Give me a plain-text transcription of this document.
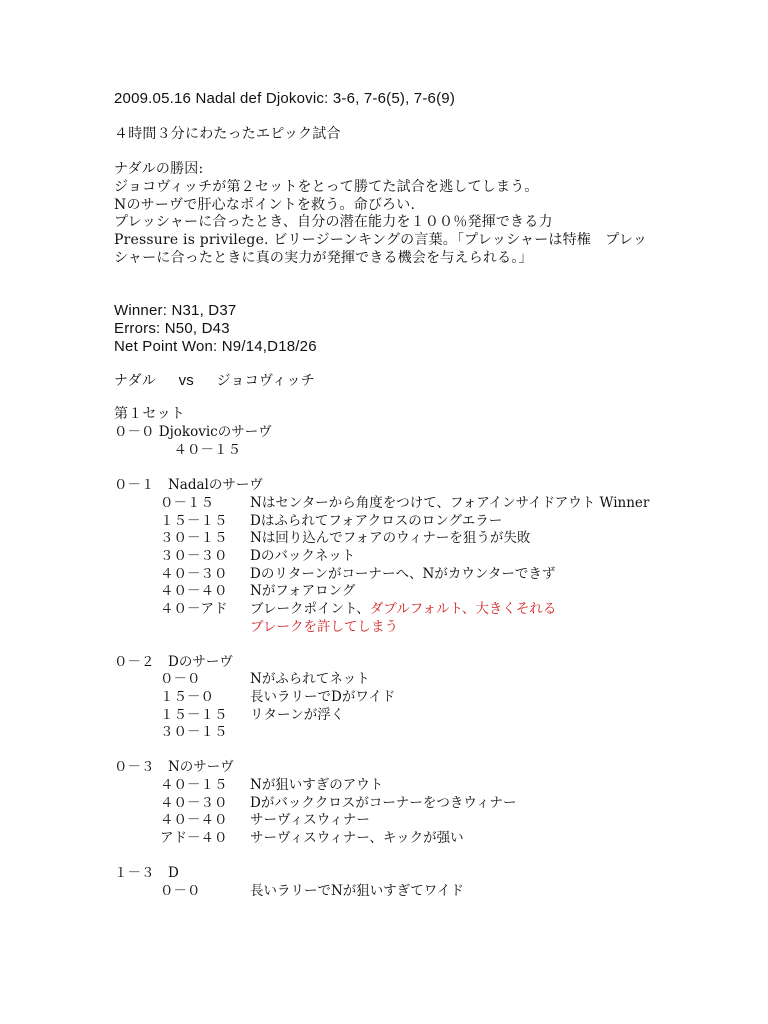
2009.05.16 Nadal def Djokovic: 3-6, 7-6(5), 7-6(9)
４時間３分にわたったエピック試合
ナダルの勝因:
ジョコヴィッチが第２セットをとって勝てた試合を逃してしまう。
Nのサーヴで肝心なポイントを救う。命びろい.
プレッシャーに合ったとき、自分の潜在能力を１００％発揮できる力
Pressure is privilege. ビリージーンキングの言葉。「プレッシャーは特権　プレッ
シャーに合ったときに真の実力が発揮できる機会を与えられる。」
Winner: N31, D37
Errors: N50, D43
Net Point Won: N9/14,D18/26
ナダル vs ジョコヴィッチ
第１セット
０－０ Djokovicのサーヴ
　４０－１５
０－１　Nadalのサーヴ
０－１５	Nはセンターから角度をつけて、フォアインサイドアウト Winner
１５－１５ Dはふられてフォアクロスのロングエラー
３０－１５ Nは回り込んでフォアのウィナーを狙うが失敗
３０－３０ Dのバックネット
４０－３０ Dのリターンがコーナーへ、Nがカウンターできず
４０－４０ Nがフォアロング
４０－アド ブレークポイント、ダブルフォルト、大きくそれる
ブレークを許してしまう
０－２　Dのサーヴ
０－０	Nがふられてネット
１５－０	長いラリーでDがワイド
１５－１５ リターンが浮く
３０－１５
０－３　Nのサーヴ
４０－１５ Nが狙いすぎのアウト
４０－３０ Dがバッククロスがコーナーをつきウィナー
４０－４０ サーヴィスウィナー
アド－４０ サーヴィスウィナー、キックが强い
１－３　D
０－０	長いラリーでNが狙いすぎてワイド
